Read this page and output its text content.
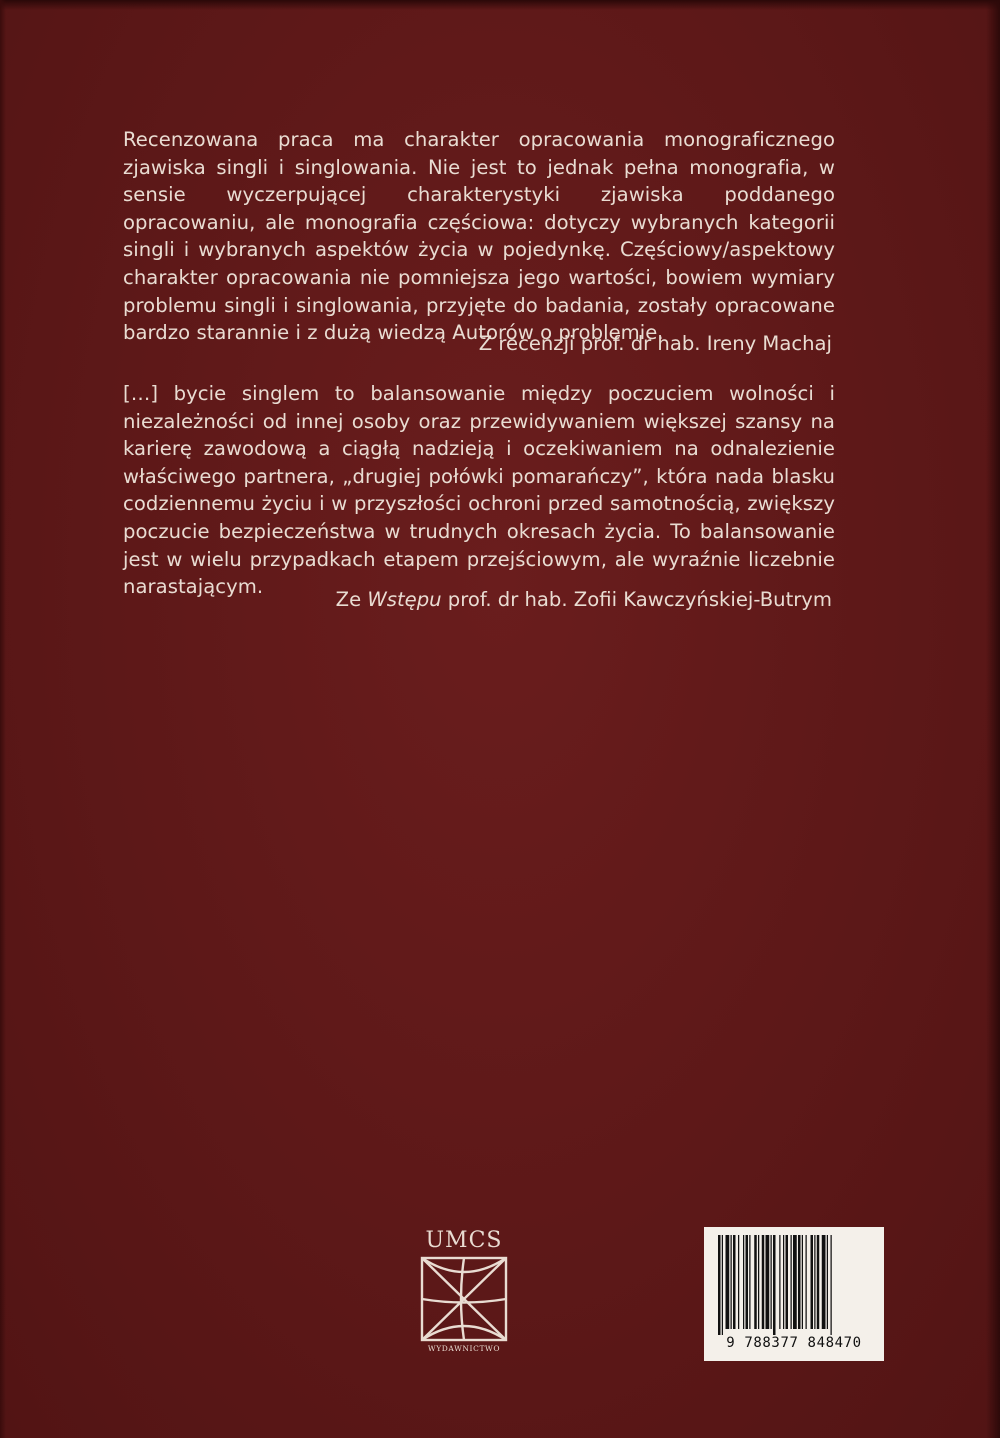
Recenzowana praca ma charakter opracowania monograficznego zjawiska singli i singlowania. Nie jest to jednak pełna monografia, w sensie wyczerpującej charakterystyki zjawiska poddanego opracowaniu, ale monografia częściowa: dotyczy wybranych kategorii singli i wybranych aspektów życia w pojedynkę. Częściowy/aspektowy charakter opracowania nie pomniejsza jego wartości, bowiem wymiary problemu singli i singlowania, przyjęte do badania, zostały opracowane bardzo starannie i z dużą wiedzą Autorów o problemie.

Z recenzji prof. dr hab. Ireny Machaj

[…] bycie singlem to balansowanie między poczuciem wolności i niezależności od innej osoby oraz przewidywaniem większej szansy na karierę zawodową a ciągłą nadzieją i oczekiwaniem na odnalezienie właściwego partnera, „drugiej połówki pomarańczy”, która nada blasku codziennemu życiu i w przyszłości ochroni przed samotnością, zwiększy poczucie bezpieczeństwa w trudnych okresach życia. To balansowanie jest w wielu przypadkach etapem przejściowym, ale wyraźnie liczebnie narastającym.

Ze Wstępu prof. dr hab. Zofii Kawczyńskiej-Butrym
UMCS
WYDAWNICTWO	9 788377 848470
